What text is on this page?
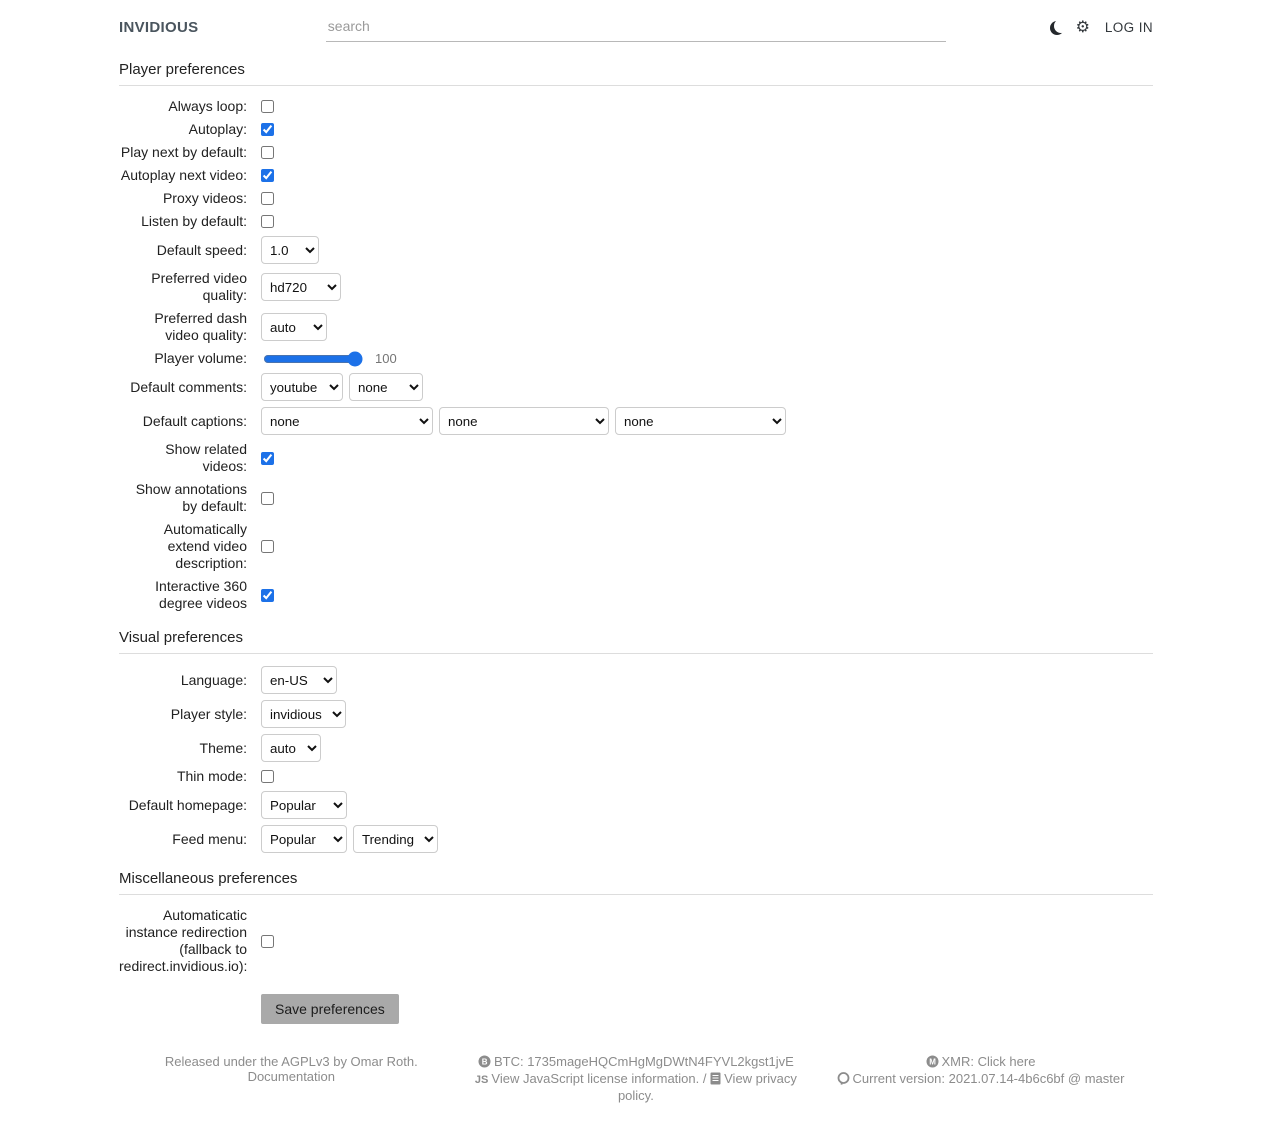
INVIDIOUS
search	⚙ LOG IN
Player preferences
Always loop:
Autoplay:
Play next by default:
Autoplay next video:
Proxy videos:
Listen by default:
Default speed:
1.0
Preferred video quality:
hd720
Preferred dash video quality:
auto
Player volume:	100
Default comments:
youtube
none
Default captions:
none
none
none
Show related videos:
Show annotations by default:
Automatically extend video description:
Interactive 360 degree videos
Visual preferences
Language:
en-US
Player style:
invidious
Theme:
auto
Thin mode:
Default homepage:
Popular
Feed menu:
Popular
Trending
Miscellaneous preferences
Automaticatic instance redirection (fallback to redirect.invidious.io):
Save preferences
Released under the AGPLv3 by Omar Roth.
Documentation
B BTC: 1735mageHQCmHgMgDWtN4FYVL2kgst1jvE
JS View JavaScript license information. / View privacy policy.
M XMR: Click here
Current version: 2021.07.14-4b6c6bf @ master
